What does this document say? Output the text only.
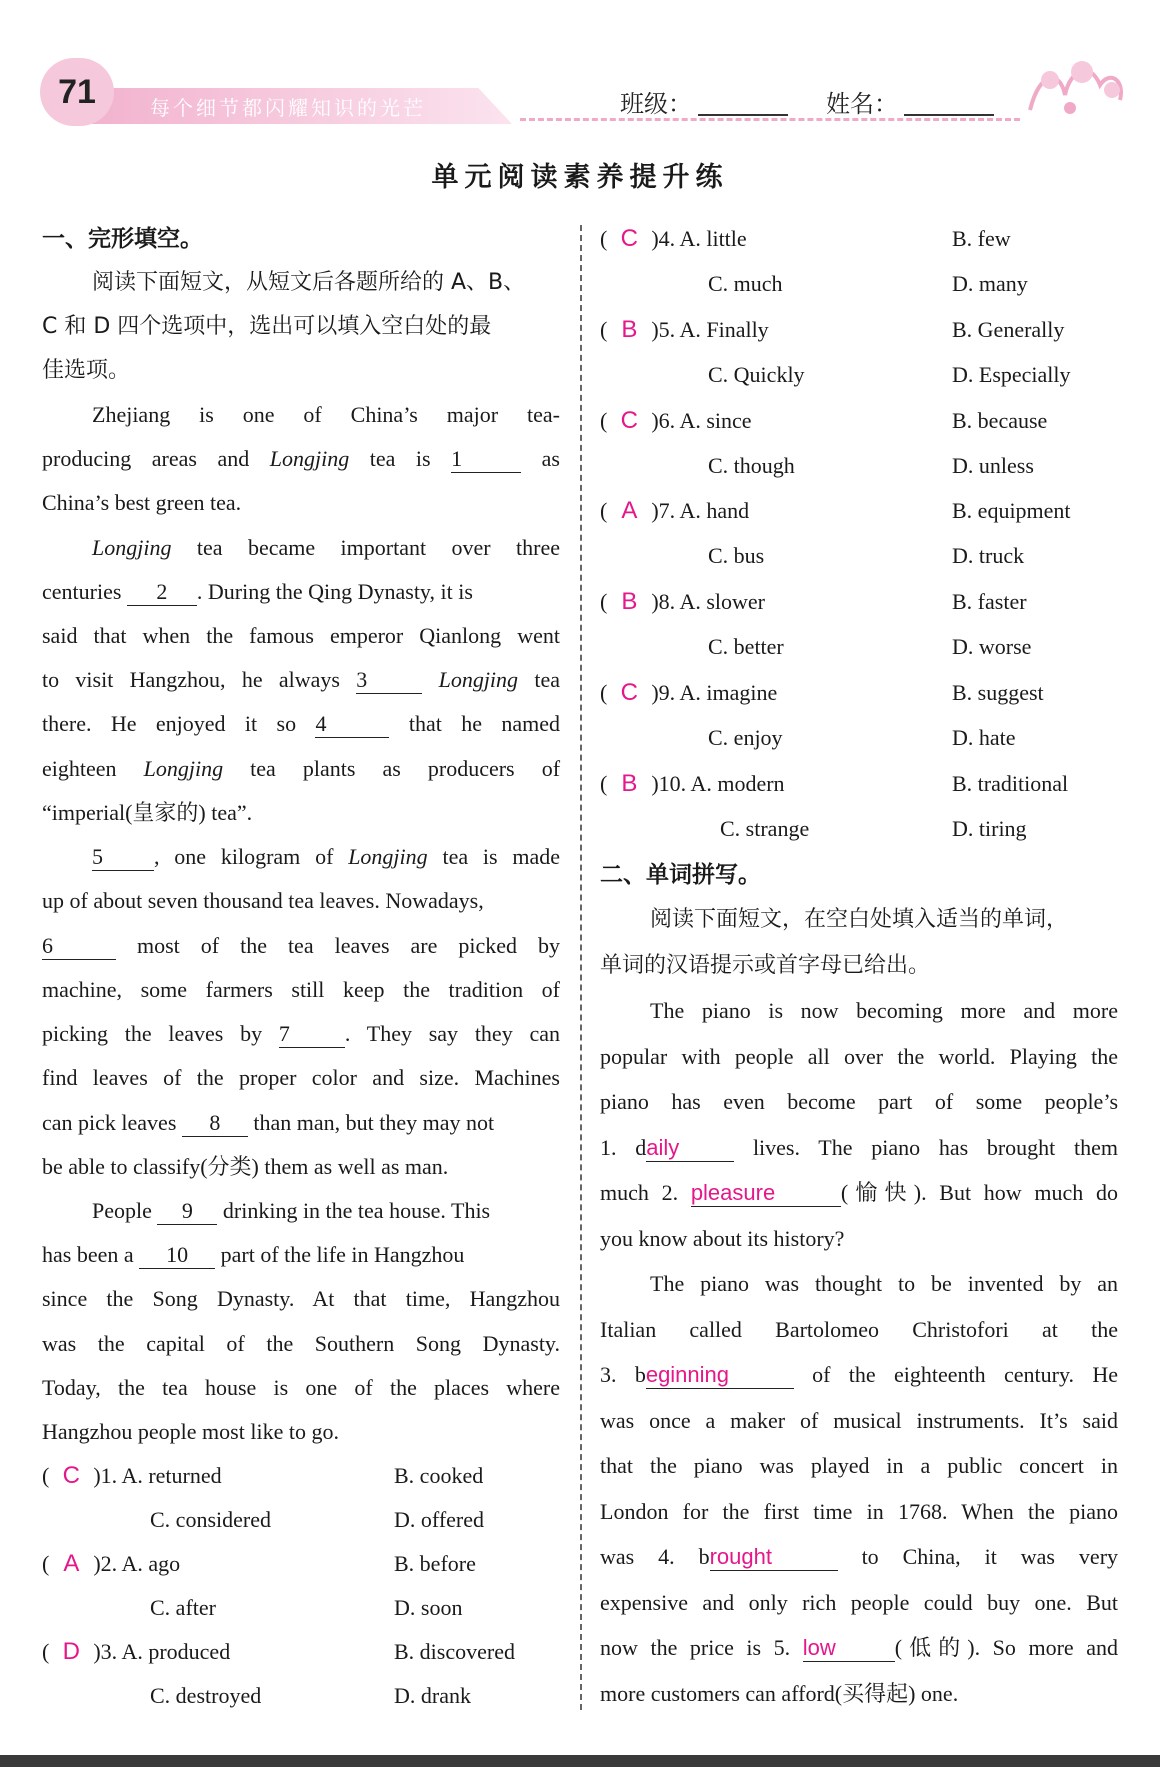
71	每个细节都闪耀知识的光芒	班级：	姓名：
单元阅读素养提升练
一、完形填空。
阅读下面短文，从短文后各题所给的 A、B、
C 和 D 四个选项中，选出可以填入空白处的最
佳选项。
Zhejiang is one of China’s major tea-
producing areas and Longjing tea is 1	as
China’s best green tea.
Longjing tea became important over three
centuries 2 . During the Qing Dynasty, it is
said that when the famous emperor Qianlong went
to visit Hangzhou, he always 3	Longjing tea
there. He enjoyed it so 4	that he named
eighteen Longjing tea plants as producers of
“imperial(皇家的) tea”.
5 , one kilogram of Longjing tea is made
up of about seven thousand tea leaves. Nowadays,
6	most of the tea leaves are picked by
machine, some farmers still keep the tradition of
picking the leaves by 7	. They say they can
find leaves of the proper color and size. Machines
can pick leaves 8 than man, but they may not
be able to classify(分类) them as well as man.
People 9 drinking in the tea house. This
has been a 10 part of the life in Hangzhou
since the Song Dynasty. At that time, Hangzhou
was the capital of the Southern Song Dynasty.
Today, the tea house is one of the places where
Hangzhou people most like to go.
( C )1. A. returned	B. cooked
C. considered	D. offered
( A )2. A. ago	B. before
C. after	D. soon
( D )3. A. produced	B. discovered
C. destroyed	D. drank
( C )4. A. little	B. few
C. much	D. many
( B )5. A. Finally	B. Generally
C. Quickly	D. Especially
( C )6. A. since	B. because
C. though	D. unless
( A )7. A. hand	B. equipment
C. bus	D. truck
( B )8. A. slower	B. faster
C. better	D. worse
( C )9. A. imagine	B. suggest
C. enjoy	D. hate
( B )10. A. modern	B. traditional
C. strange	D. tiring
二、单词拼写。
阅读下面短文，在空白处填入适当的单词，
单词的汉语提示或首字母已给出。
The piano is now becoming more and more
popular with people all over the world. Playing the
piano has even become part of some people’s
1. daily	lives. The piano has brought them
much 2. pleasure	(愉快). But how much do
you know about its history?
The piano was thought to be invented by an
Italian called Bartolomeo Christofori at the
3. beginning	of the eighteenth century. He
was once a maker of musical instruments. It’s said
that the piano was played in a public concert in
London for the first time in 1768. When the piano
was 4. brought	to China, it was very
expensive and only rich people could buy one. But
now the price is 5. low	(低的). So more and
more customers can afford(买得起) one.
